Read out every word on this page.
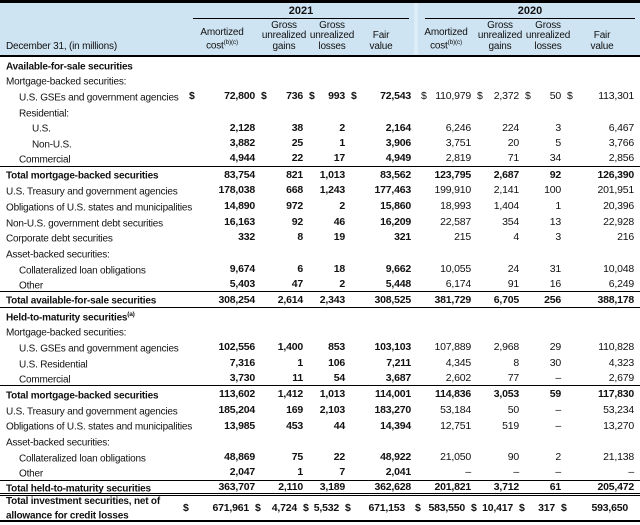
December 31, (in millions)
2021
Amortized cost$^{(b)(c)}$
Gross unrealized gains
Gross unrealized losses
Fair value
2020
Amortized cost$^{(b)(c)}$
Gross unrealized gains
Gross unrealized losses
Fair value
Available-for-sale securities
Mortgage-backed securities:
U.S. GSEs and government agencies $	72,800 $ 736 $ 993 $ 72,543 $ 110,979 $ 2,372 $ 50 $ 113,301
Residential:
U.S.	2,128	38	2	2,164	6,246	224	3	6,467
Non-U.S.	3,882	25	1	3,906	3,751	20	5	3,766
Commercial	4,944	22	17	4,949	2,819	71	34	2,856
Total mortgage-backed securities	83,754	821 1,013	83,562 123,795 2,687	92	126,390
U.S. Treasury and government agencies	178,038	668 1,243	177,463 199,910 2,141 100	201,951
Obligations of U.S. states and municipalities	14,890	972	2	15,860	18,993 1,404	1	20,396
Non-U.S. government debt securities	16,163	92	46	16,209	22,587	354	13	22,928
Corporate debt securities	332	8	19	321	215	4	3	216
Asset-backed securities:
Collateralized loan obligations	9,674	6	18	9,662	10,055	24	31	10,048
Other	5,403	47	2	5,448	6,174	91	16	6,249
Total available-for-sale securities	308,254 2,614 2,343	308,525 381,729 6,705 256	388,178
Held-to-maturity securities$^{(a)}$
Mortgage-backed securities:
U.S. GSEs and government agencies	102,556 1,400 853	103,103 107,889 2,968	29	110,828
U.S. Residential	7,316	1 106	7,211	4,345	8	30	4,323
Commercial	3,730	11	54	3,687	2,602	77	–	2,679
Total mortgage-backed securities	113,602 1,412 1,013	114,001 114,836 3,053	59	117,830
U.S. Treasury and government agencies	185,204	169 2,103	183,270	53,184	50	–	53,234
Obligations of U.S. states and municipalities	13,985	453	44	14,394	12,751	519	–	13,270
Asset-backed securities:
Collateralized loan obligations	48,869	75	22	48,922	21,050	90	2	21,138
Other	2,047	1	7	2,041	–	–	–	–
Total held-to-maturity securities	363,707 2,110 3,189	362,628 201,821 3,712	61	205,472
Total investment securities, net of allowance for credit losses
$ 671,961 $ 4,724 $ 5,532 $ 671,153 $ 583,550 $ 10,417 $ 317 $ 593,650
